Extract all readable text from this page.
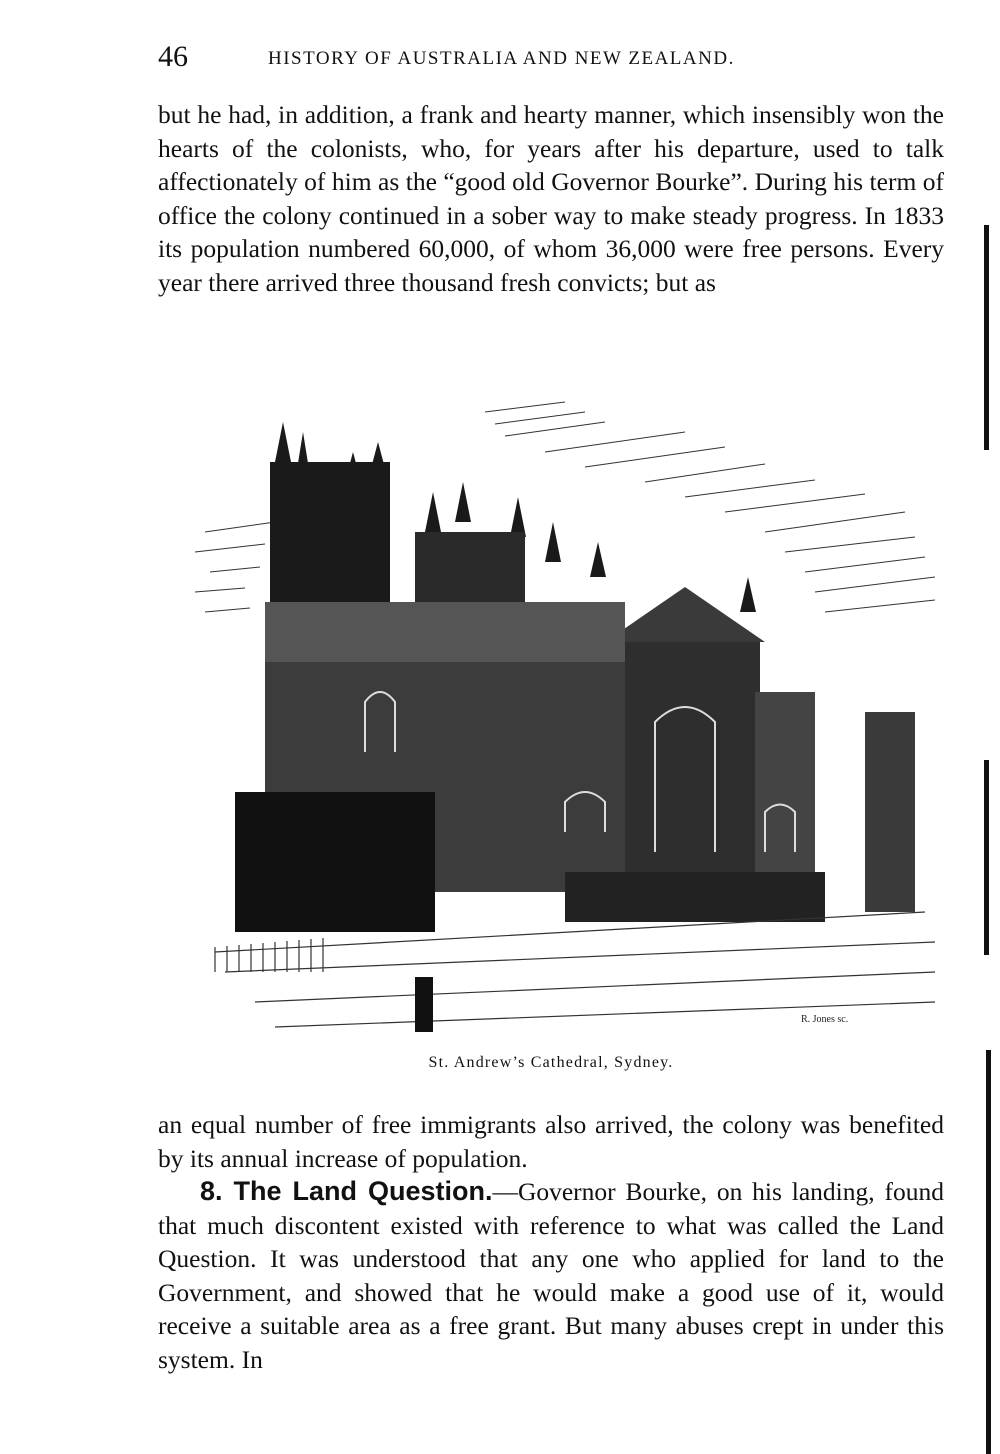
46	HISTORY OF AUSTRALIA AND NEW ZEALAND.

but he had, in addition, a frank and hearty manner, which insensibly won the hearts of the colonists, who, for years after his departure, used to talk affectionately of him as the “good old Governor Bourke”. During his term of office the colony continued in a sober way to make steady progress. In 1833 its population numbered 60,000, of whom 36,000 were free persons. Every year there arrived three thousand fresh convicts; but as

R. Jones sc.
St. Andrew’s Cathedral, Sydney.

an equal number of free immigrants also arrived, the colony was benefited by its annual increase of population.

8. The Land Question.—Governor Bourke, on his landing, found that much discontent existed with reference to what was called the Land Question. It was understood that any one who applied for land to the Government, and showed that he would make a good use of it, would receive a suitable area as a free grant. But many abuses crept in under this system. In
